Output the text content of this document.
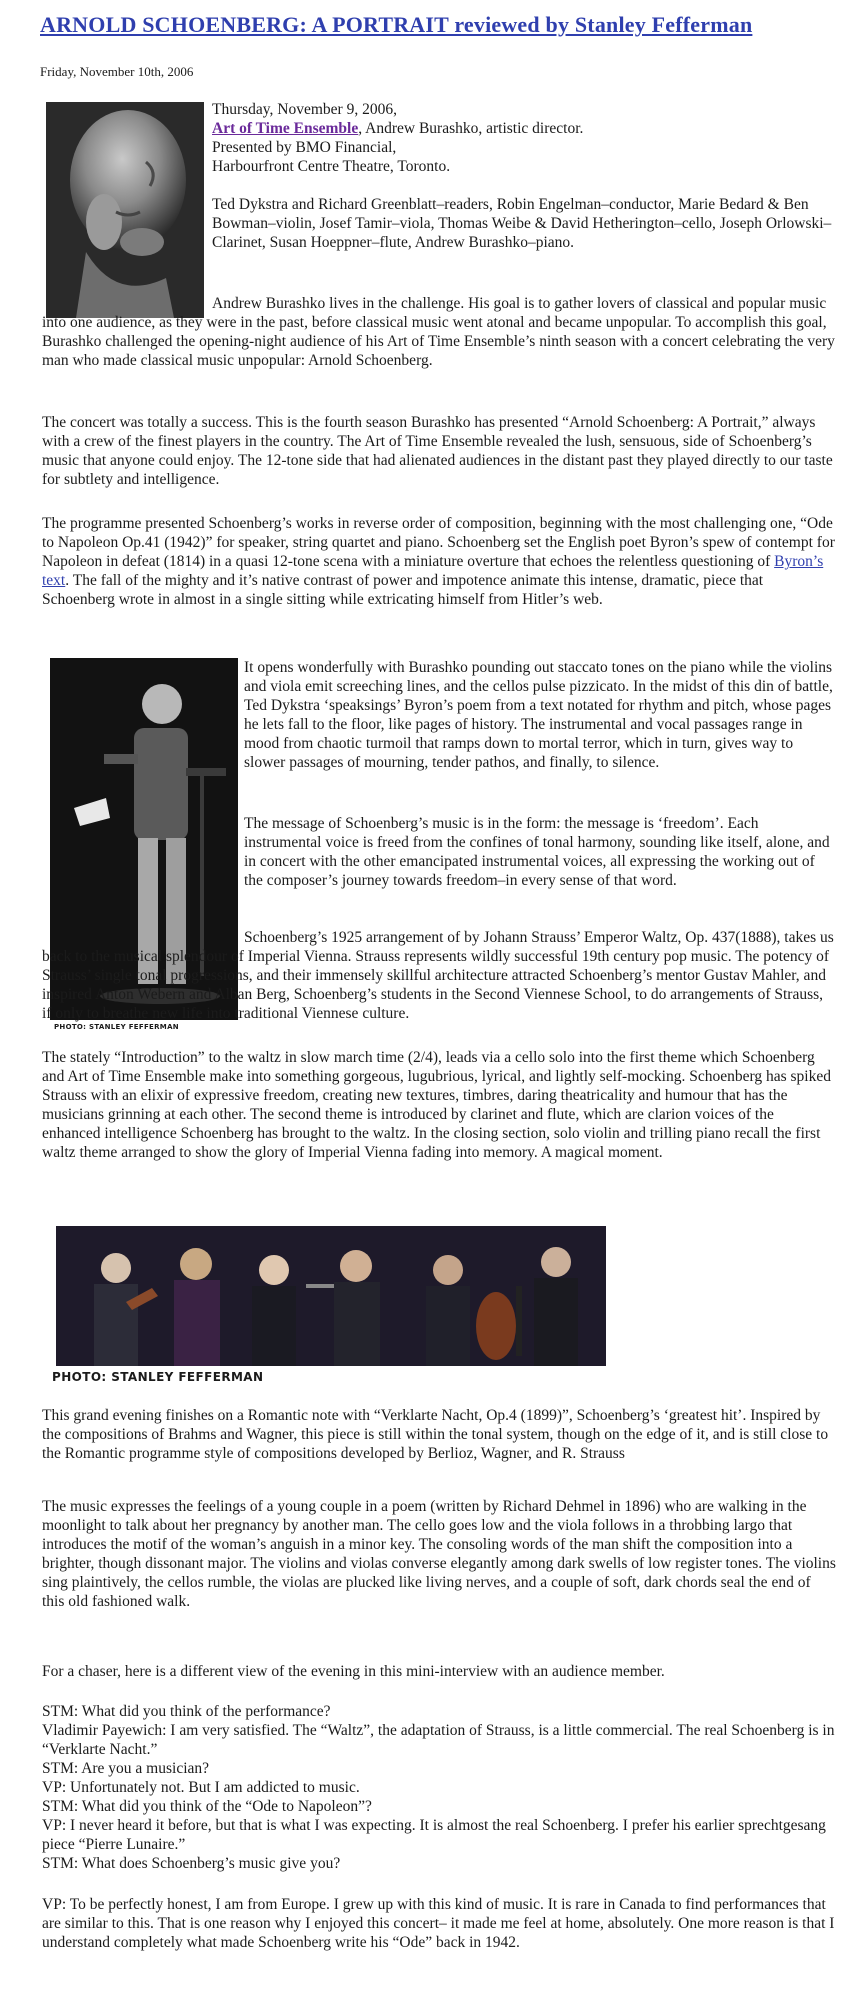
ARNOLD SCHOENBERG: A PORTRAIT reviewed by Stanley Fefferman
Friday, November 10th, 2006

Thursday, November 9, 2006,
Art of Time Ensemble, Andrew Burashko, artistic director.
Presented by BMO Financial,
Harbourfront Centre Theatre, Toronto.

Ted Dykstra and Richard Greenblatt–readers, Robin Engelman–conductor, Marie Bedard & Ben Bowman–violin, Josef Tamir–viola, Thomas Weibe & David Hetherington–cello, Joseph Orlowski–Clarinet, Susan Hoeppner–flute, Andrew Burashko–piano.

Andrew Burashko lives in the challenge. His goal is to gather lovers of classical and popular music into one audience, as they were in the past, before classical music went atonal and became unpopular. To accomplish this goal, Burashko challenged the opening-night audience of his Art of Time Ensemble’s ninth season with a concert celebrating the very man who made classical music unpopular: Arnold Schoenberg.

The concert was totally a success. This is the fourth season Burashko has presented “Arnold Schoenberg: A Portrait,” always with a crew of the finest players in the country. The Art of Time Ensemble revealed the lush, sensuous, side of Schoenberg’s music that anyone could enjoy. The 12-tone side that had alienated audiences in the distant past they played directly to our taste for subtlety and intelligence.

The programme presented Schoenberg’s works in reverse order of composition, beginning with the most challenging one, “Ode to Napoleon Op.41 (1942)” for speaker, string quartet and piano. Schoenberg set the English poet Byron’s spew of contempt for Napoleon in defeat (1814) in a quasi 12-tone scena with a miniature overture that echoes the relentless questioning of Byron’s text. The fall of the mighty and it’s native contrast of power and impotence animate this intense, dramatic, piece that Schoenberg wrote in almost in a single sitting while extricating himself from Hitler’s web.

PHOTO: STANLEY FEFFERMAN

It opens wonderfully with Burashko pounding out staccato tones on the piano while the violins and viola emit screeching lines, and the cellos pulse pizzicato. In the midst of this din of battle, Ted Dykstra ‘speaksings’ Byron’s poem from a text notated for rhythm and pitch, whose pages he lets fall to the floor, like pages of history. The instrumental and vocal passages range in mood from chaotic turmoil that ramps down to mortal terror, which in turn, gives way to slower passages of mourning, tender pathos, and finally, to silence.

The message of Schoenberg’s music is in the form: the message is ‘freedom’. Each instrumental voice is freed from the confines of tonal harmony, sounding like itself, alone, and in concert with the other emancipated instrumental voices, all expressing the working out of the composer’s journey towards freedom–in every sense of that word.

Schoenberg’s 1925 arrangement of by Johann Strauss’ Emperor Waltz, Op. 437(1888), takes us back to the musical splendour of Imperial Vienna. Strauss represents wildly successful 19th century pop music. The potency of Strauss’ single tonal progressions, and their immensely skillful architecture attracted Schoenberg’s mentor Gustav Mahler, and inspired Anton Webern and Alban Berg, Schoenberg’s students in the Second Viennese School, to do arrangements of Strauss, if only to breathe new life into traditional Viennese culture.

The stately “Introduction” to the waltz in slow march time (2/4), leads via a cello solo into the first theme which Schoenberg and Art of Time Ensemble make into something gorgeous, lugubrious, lyrical, and lightly self-mocking. Schoenberg has spiked Strauss with an elixir of expressive freedom, creating new textures, timbres, daring theatricality and humour that has the musicians grinning at each other. The second theme is introduced by clarinet and flute, which are clarion voices of the enhanced intelligence Schoenberg has brought to the waltz. In the closing section, solo violin and trilling piano recall the first waltz theme arranged to show the glory of Imperial Vienna fading into memory. A magical moment.

PHOTO: STANLEY FEFFERMAN

This grand evening finishes on a Romantic note with “Verklarte Nacht, Op.4 (1899)”, Schoenberg’s ‘greatest hit’. Inspired by the compositions of Brahms and Wagner, this piece is still within the tonal system, though on the edge of it, and is still close to the Romantic programme style of compositions developed by Berlioz, Wagner, and R. Strauss

The music expresses the feelings of a young couple in a poem (written by Richard Dehmel in 1896) who are walking in the moonlight to talk about her pregnancy by another man. The cello goes low and the viola follows in a throbbing largo that introduces the motif of the woman’s anguish in a minor key. The consoling words of the man shift the composition into a brighter, though dissonant major. The violins and violas converse elegantly among dark swells of low register tones. The violins sing plaintively, the cellos rumble, the violas are plucked like living nerves, and a couple of soft, dark chords seal the end of this old fashioned walk.

For a chaser, here is a different view of the evening in this mini-interview with an audience member.

STM: What did you think of the performance?
Vladimir Payewich: I am very satisfied. The “Waltz”, the adaptation of Strauss, is a little commercial. The real Schoenberg is in “Verklarte Nacht.”
STM: Are you a musician?
VP: Unfortunately not. But I am addicted to music.
STM: What did you think of the “Ode to Napoleon”?
VP: I never heard it before, but that is what I was expecting. It is almost the real Schoenberg. I prefer his earlier sprechtgesang piece “Pierre Lunaire.”
STM: What does Schoenberg’s music give you?

VP: To be perfectly honest, I am from Europe. I grew up with this kind of music. It is rare in Canada to find performances that are similar to this. That is one reason why I enjoyed this concert– it made me feel at home, absolutely. One more reason is that I understand completely what made Schoenberg write his “Ode” back in 1942.
